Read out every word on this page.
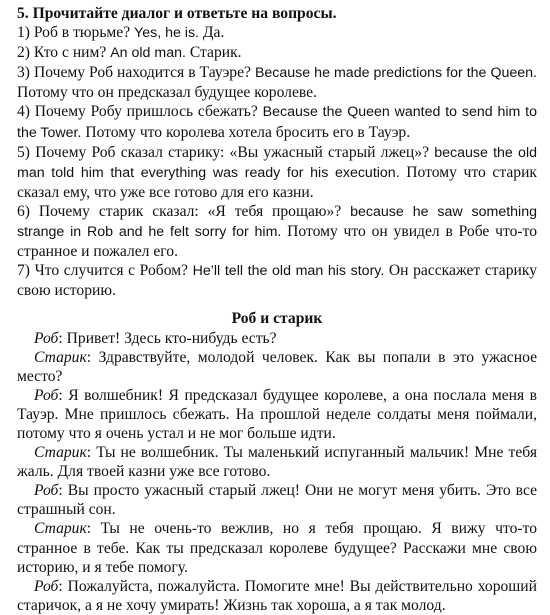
5. Прочитайте диалог и ответьте на вопросы.

1) Роб в тюрьме? Yes, he is. Да.

2) Кто с ним? An old man. Старик.

3) Почему Роб находится в Тауэре? Because he made predictions for the Queen. Потому что он предсказал будущее королеве.

4) Почему Робу пришлось сбежать? Because the Queen wanted to send him to the Tower. Потому что королева хотела бросить его в Тауэр.

5) Почему Роб сказал старику: «Вы ужасный старый лжец»? because the old man told him that everything was ready for his execution. Потому что старик сказал ему, что уже все готово для его казни.

6) Почему старик сказал: «Я тебя прощаю»? because he saw something strange in Rob and he felt sorry for him. Потому что он увидел в Робе что-то странное и пожалел его.

7) Что случится с Робом? He’ll tell the old man his story. Он расскажет старику свою историю.

Роб и старик

Роб: Привет! Здесь кто-нибудь есть?

Старик: Здравствуйте, молодой человек. Как вы попали в это ужасное место?

Роб: Я волшебник! Я предсказал будущее королеве, а она послала меня в Тауэр. Мне пришлось сбежать. На прошлой неделе солдаты меня поймали, потому что я очень устал и не мог больше идти.

Старик: Ты не волшебник. Ты маленький испуганный мальчик! Мне тебя жаль. Для твоей казни уже все готово.

Роб: Вы просто ужасный старый лжец! Они не могут меня убить. Это все страшный сон.

Старик: Ты не очень-то вежлив, но я тебя прощаю. Я вижу что-то странное в тебе. Как ты предсказал королеве будущее? Расскажи мне свою историю, и я тебе помогу.

Роб: Пожалуйста, пожалуйста. Помогите мне! Вы действительно хороший старичок, а я не хочу умирать! Жизнь так хороша, а я так молод.
